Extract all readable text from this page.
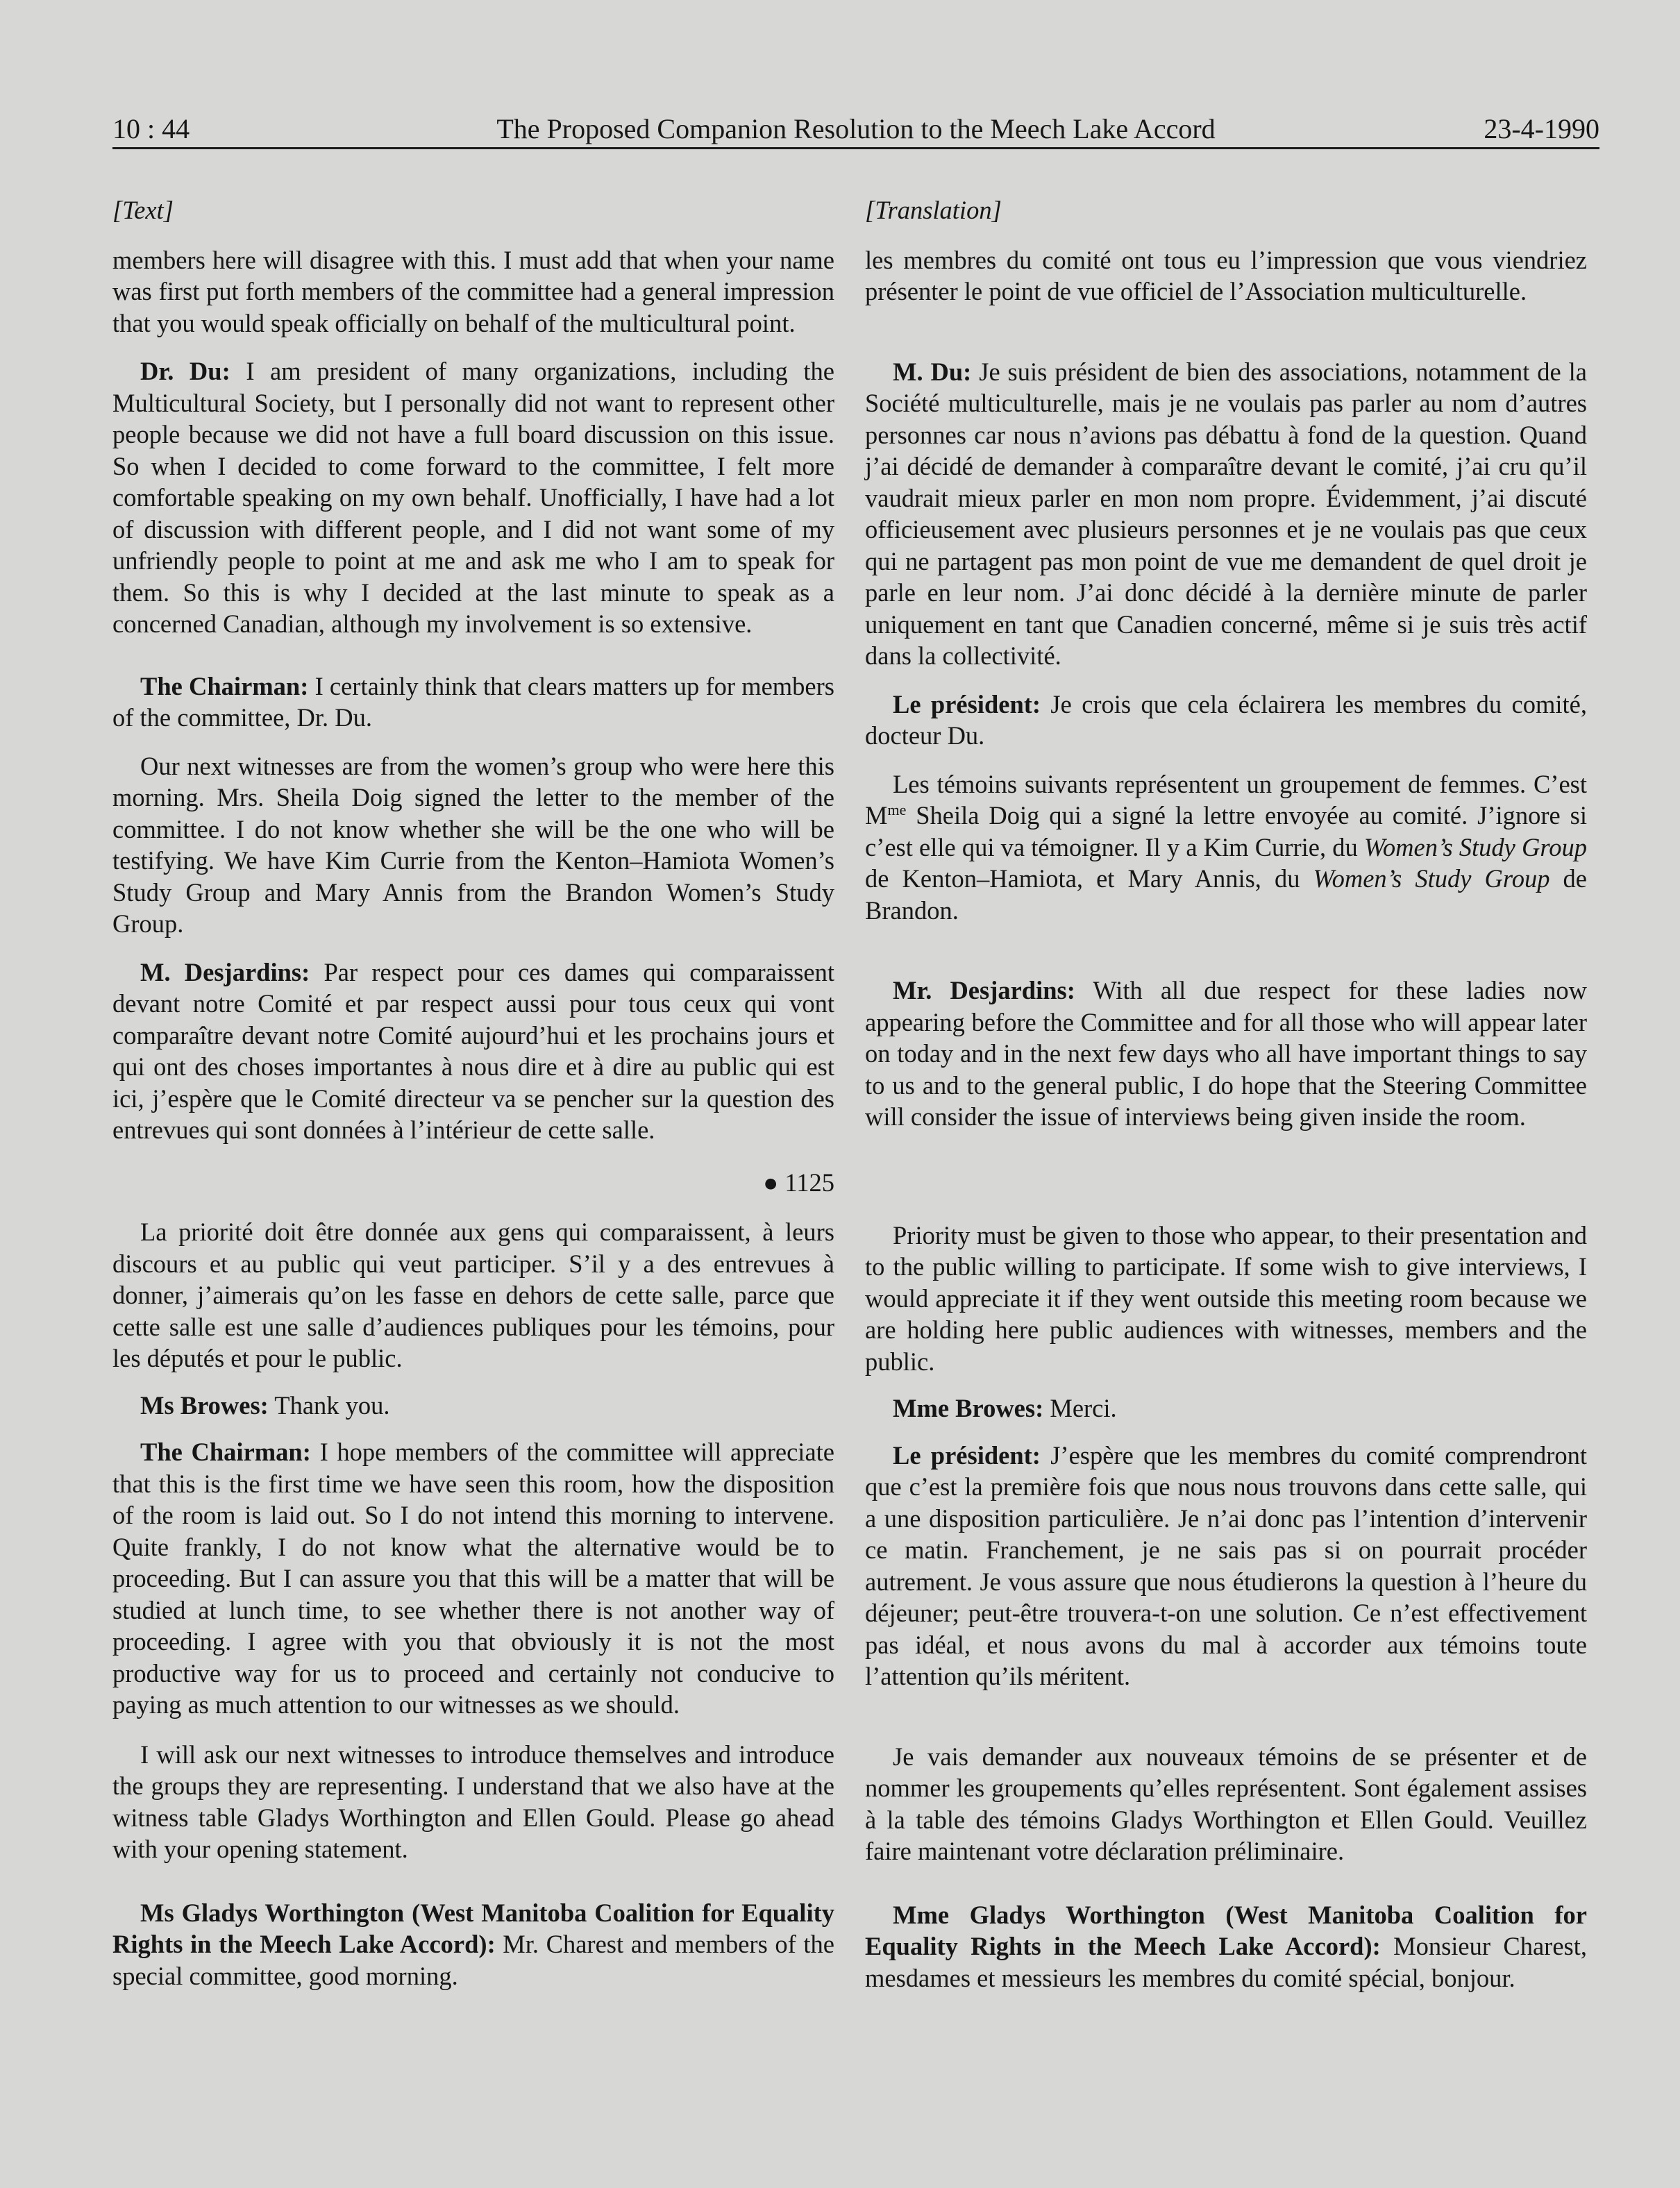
10 : 44	The Proposed Companion Resolution to the Meech Lake Accord	23-4-1990
[Text]

members here will disagree with this. I must add that when your name was first put forth members of the committee had a general impression that you would speak officially on behalf of the multicultural point.

Dr. Du: I am president of many organizations, including the Multicultural Society, but I personally did not want to represent other people because we did not have a full board discussion on this issue. So when I decided to come forward to the committee, I felt more comfortable speaking on my own behalf. Unofficially, I have had a lot of discussion with different people, and I did not want some of my unfriendly people to point at me and ask me who I am to speak for them. So this is why I decided at the last minute to speak as a concerned Canadian, although my involvement is so extensive.

The Chairman: I certainly think that clears matters up for members of the committee, Dr. Du.

Our next witnesses are from the women’s group who were here this morning. Mrs. Sheila Doig signed the letter to the member of the committee. I do not know whether she will be the one who will be testifying. We have Kim Currie from the Kenton–Hamiota Women’s Study Group and Mary Annis from the Brandon Women’s Study Group.

M. Desjardins: Par respect pour ces dames qui comparaissent devant notre Comité et par respect aussi pour tous ceux qui vont comparaître devant notre Comité aujourd’hui et les prochains jours et qui ont des choses importantes à nous dire et à dire au public qui est ici, j’espère que le Comité directeur va se pencher sur la question des entrevues qui sont données à l’intérieur de cette salle.

● 1125

La priorité doit être donnée aux gens qui comparaissent, à leurs discours et au public qui veut participer. S’il y a des entrevues à donner, j’aimerais qu’on les fasse en dehors de cette salle, parce que cette salle est une salle d’audiences publiques pour les témoins, pour les députés et pour le public.

Ms Browes: Thank you.

The Chairman: I hope members of the committee will appreciate that this is the first time we have seen this room, how the disposition of the room is laid out. So I do not intend this morning to intervene. Quite frankly, I do not know what the alternative would be to proceeding. But I can assure you that this will be a matter that will be studied at lunch time, to see whether there is not another way of proceeding. I agree with you that obviously it is not the most productive way for us to proceed and certainly not conducive to paying as much attention to our witnesses as we should.

I will ask our next witnesses to introduce themselves and introduce the groups they are representing. I understand that we also have at the witness table Gladys Worthington and Ellen Gould. Please go ahead with your opening statement.

Ms Gladys Worthington (West Manitoba Coalition for Equality Rights in the Meech Lake Accord): Mr. Charest and members of the special committee, good morning.

[Translation]

les membres du comité ont tous eu l’impression que vous viendriez présenter le point de vue officiel de l’Association multiculturelle.

M. Du: Je suis président de bien des associations, notamment de la Société multiculturelle, mais je ne voulais pas parler au nom d’autres personnes car nous n’avions pas débattu à fond de la question. Quand j’ai décidé de demander à comparaître devant le comité, j’ai cru qu’il vaudrait mieux parler en mon nom propre. Évidemment, j’ai discuté officieusement avec plusieurs personnes et je ne voulais pas que ceux qui ne partagent pas mon point de vue me demandent de quel droit je parle en leur nom. J’ai donc décidé à la dernière minute de parler uniquement en tant que Canadien concerné, même si je suis très actif dans la collectivité.

Le président: Je crois que cela éclairera les membres du comité, docteur Du.

Les témoins suivants représentent un groupement de femmes. C’est $M^{me}$ Sheila Doig qui a signé la lettre envoyée au comité. J’ignore si c’est elle qui va témoigner. Il y a Kim Currie, du Women’s Study Group de Kenton–Hamiota, et Mary Annis, du Women’s Study Group de Brandon.

Mr. Desjardins: With all due respect for these ladies now appearing before the Committee and for all those who will appear later on today and in the next few days who all have important things to say to us and to the general public, I do hope that the Steering Committee will consider the issue of interviews being given inside the room.

Priority must be given to those who appear, to their presentation and to the public willing to participate. If some wish to give interviews, I would appreciate it if they went outside this meeting room because we are holding here public audiences with witnesses, members and the public.

Mme Browes: Merci.

Le président: J’espère que les membres du comité comprendront que c’est la première fois que nous nous trouvons dans cette salle, qui a une disposition particulière. Je n’ai donc pas l’intention d’intervenir ce matin. Franchement, je ne sais pas si on pourrait procéder autrement. Je vous assure que nous étudierons la question à l’heure du déjeuner; peut-être trouvera-t-on une solution. Ce n’est effectivement pas idéal, et nous avons du mal à accorder aux témoins toute l’attention qu’ils méritent.

Je vais demander aux nouveaux témoins de se présenter et de nommer les groupements qu’elles représentent. Sont également assises à la table des témoins Gladys Worthington et Ellen Gould. Veuillez faire maintenant votre déclaration préliminaire.

Mme Gladys Worthington (West Manitoba Coalition for Equality Rights in the Meech Lake Accord): Monsieur Charest, mesdames et messieurs les membres du comité spécial, bonjour.
